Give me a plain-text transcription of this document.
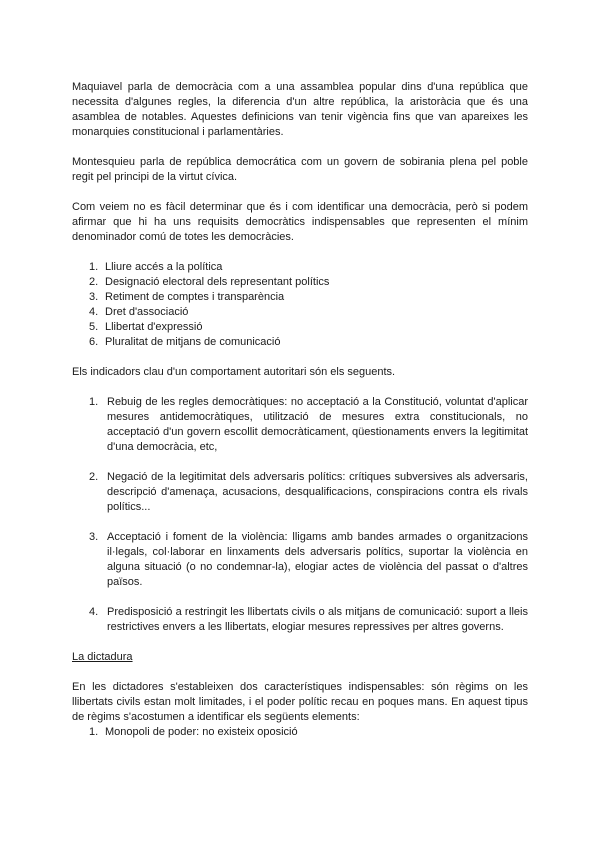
Maquiavel parla de democràcia com a una assamblea popular dins d'una república que necessita d'algunes regles, la diferencia d'un altre república, la aristoràcia que és una asamblea de notables. Aquestes definicions van tenir vigència fins que van apareixes les monarquies constitucional i parlamentàries.

Montesquieu parla de república democrática com un govern de sobirania plena pel poble regit pel principi de la virtut cívica.

Com veiem no es fàcil determinar que és i com identificar una democràcia, però si podem afirmar que hi ha uns requisits democràtics indispensables que representen el mínim denominador comú de totes les democràcies.

1. Lliure accés a la política
2. Designació electoral dels representant polítics
3. Retiment de comptes i transparència
4. Dret d'associació
5. Llibertat d'expressió
6. Pluralitat de mitjans de comunicació

Els indicadors clau d'un comportament autoritari són els seguents.

1. Rebuig de les regles democràtiques: no acceptació a la Constitució, voluntat d'aplicar mesures antidemocràtiques, utilització de mesures extra constitucionals, no acceptació d'un govern escollit democràticament, qüestionaments envers la legitimitat d'una democràcia, etc,
2. Negació de la legitimitat dels adversaris polítics: crítiques subversives als adversaris, descripció d'amenaça, acusacions, desqualificacions, conspiracions contra els rivals polítics...
3. Acceptació i foment de la violència: lligams amb bandes armades o organitzacions il·legals, col·laborar en linxaments dels adversaris polítics, suportar la violència en alguna situació (o no condemnar-la), elogiar actes de violència del passat o d'altres països.
4. Predisposició a restringit les llibertats civils o als mitjans de comunicació: suport a lleis restrictives envers a les llibertats, elogiar mesures repressives per altres governs.
La dictadura

En les dictadores s'estableixen dos característiques indispensables: són règims on les llibertats civils estan molt limitades, i el poder polític recau en poques mans. En aquest tipus de règims s'acostumen a identificar els següents elements:

1. Monopoli de poder: no existeix oposició
